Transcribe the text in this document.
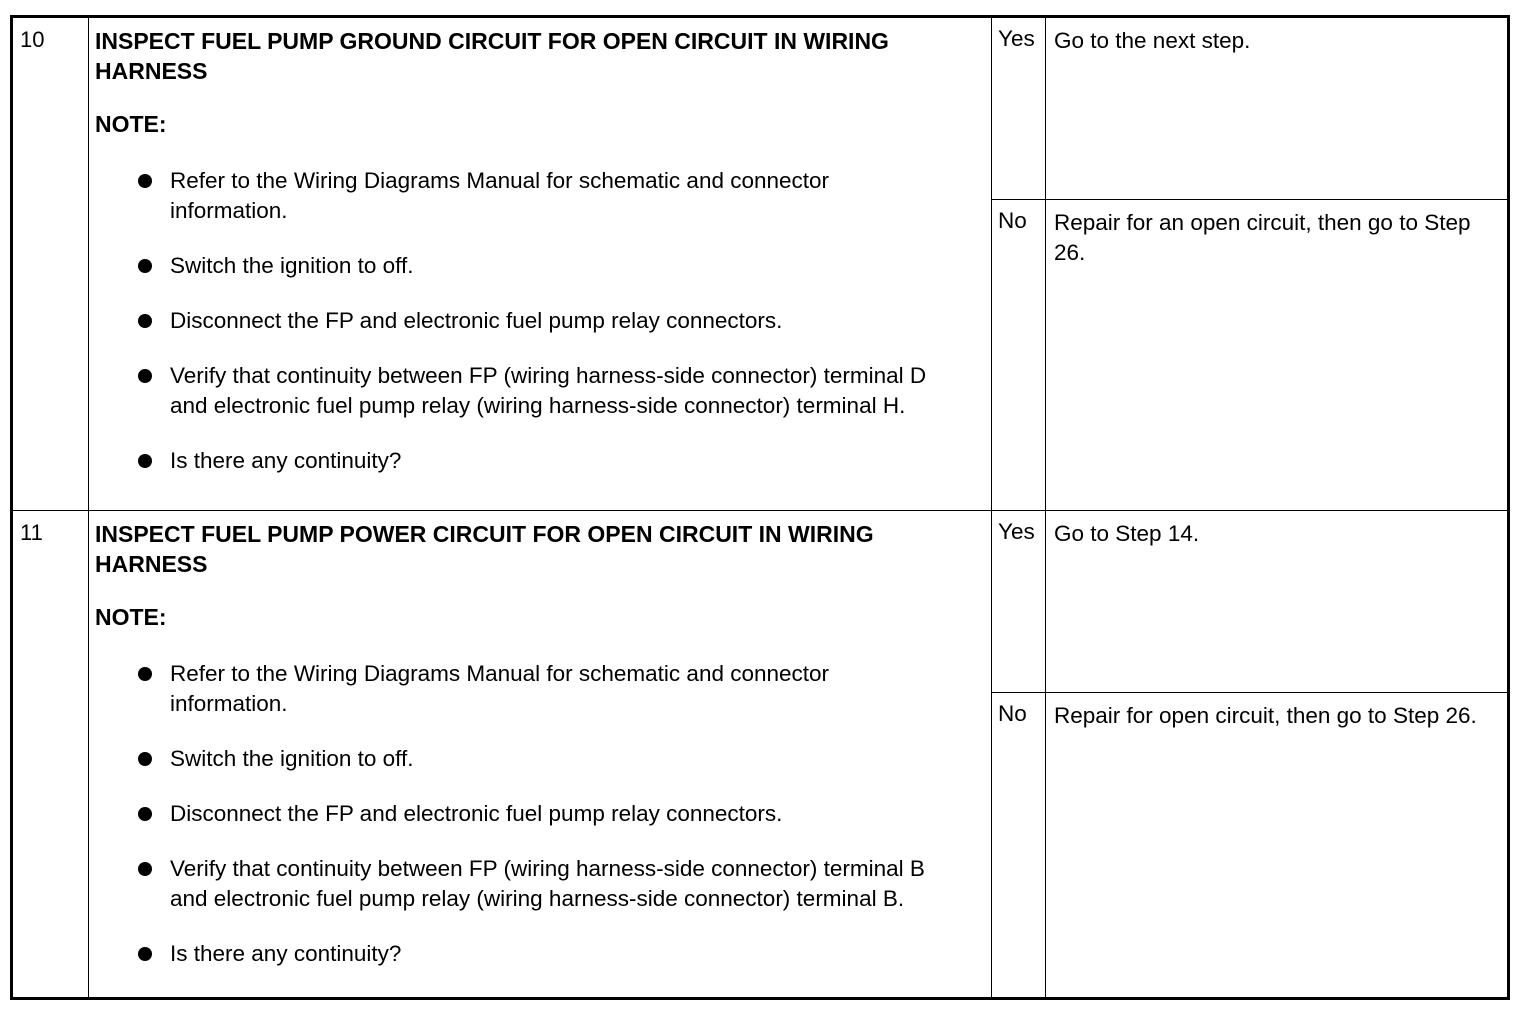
10 INSPECT FUEL PUMP GROUND CIRCUIT FOR OPEN CIRCUIT IN WIRING HARNESS
NOTE:
Refer to the Wiring Diagrams Manual for schematic and connector information.
Switch the ignition to off.
Disconnect the FP and electronic fuel pump relay connectors.
Verify that continuity between FP (wiring harness-side connector) terminal D and electronic fuel pump relay (wiring harness-side connector) terminal H.
Is there any continuity?
Yes Go to the next step.
No	Repair for an open circuit, then go to Step 26.
11 INSPECT FUEL PUMP POWER CIRCUIT FOR OPEN CIRCUIT IN WIRING HARNESS
NOTE:
Refer to the Wiring Diagrams Manual for schematic and connector information.
Switch the ignition to off.
Disconnect the FP and electronic fuel pump relay connectors.
Verify that continuity between FP (wiring harness-side connector) terminal B and electronic fuel pump relay (wiring harness-side connector) terminal B.
Is there any continuity?
Yes Go to Step 14.
No	Repair for open circuit, then go to Step 26.
